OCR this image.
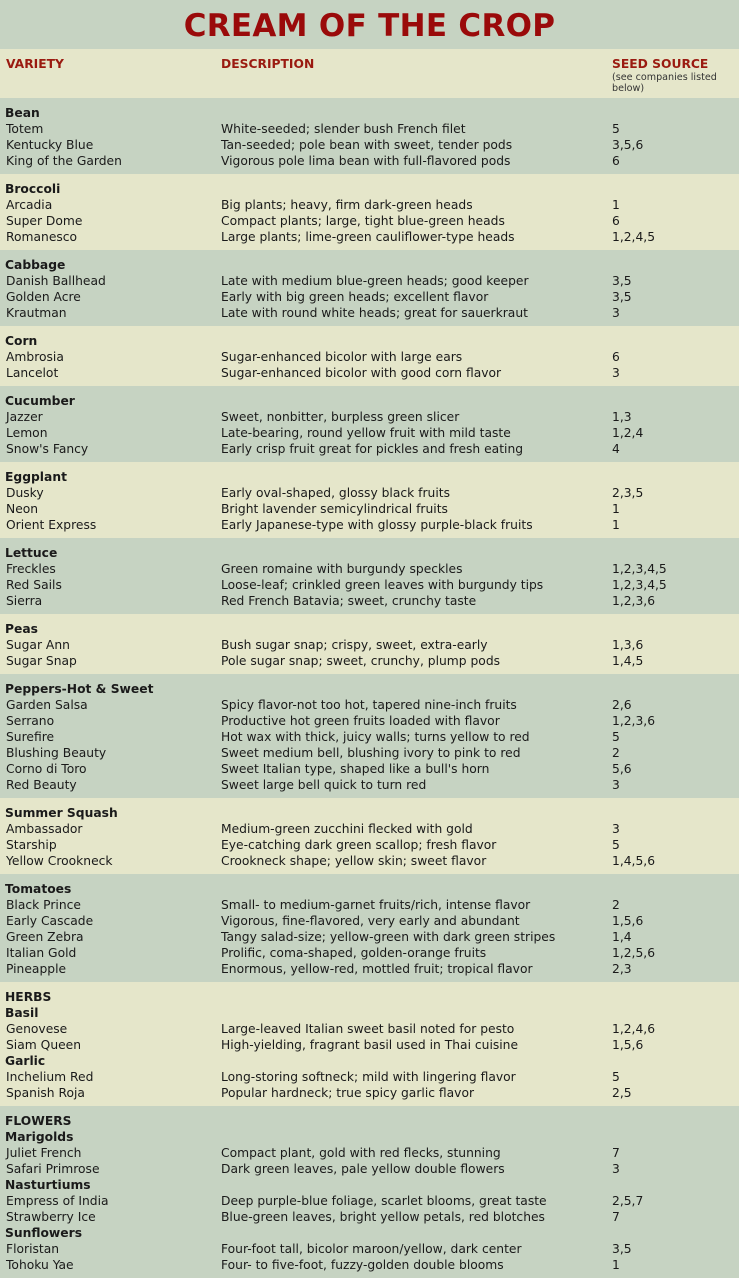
CREAM OF THE CROP
VARIETY	DESCRIPTION	SEED SOURCE
(see companies listed below)
Bean
Totem	White-seeded; slender bush French filet	5
Kentucky Blue	Tan-seeded; pole bean with sweet, tender pods	3,5,6
King of the Garden	Vigorous pole lima bean with full-flavored pods	6
Broccoli
Arcadia	Big plants; heavy, firm dark-green heads	1
Super Dome	Compact plants; large, tight blue-green heads	6
Romanesco	Large plants; lime-green cauliflower-type heads	1,2,4,5
Cabbage
Danish Ballhead	Late with medium blue-green heads; good keeper	3,5
Golden Acre	Early with big green heads; excellent flavor	3,5
Krautman	Late with round white heads; great for sauerkraut	3
Corn
Ambrosia	Sugar-enhanced bicolor with large ears	6
Lancelot	Sugar-enhanced bicolor with good corn flavor	3
Cucumber
Jazzer	Sweet, nonbitter, burpless green slicer	1,3
Lemon	Late-bearing, round yellow fruit with mild taste	1,2,4
Snow's Fancy	Early crisp fruit great for pickles and fresh eating	4
Eggplant
Dusky	Early oval-shaped, glossy black fruits	2,3,5
Neon	Bright lavender semicylindrical fruits	1
Orient Express	Early Japanese-type with glossy purple-black fruits	1
Lettuce
Freckles	Green romaine with burgundy speckles	1,2,3,4,5
Red Sails	Loose-leaf; crinkled green leaves with burgundy tips	1,2,3,4,5
Sierra	Red French Batavia; sweet, crunchy taste	1,2,3,6
Peas
Sugar Ann	Bush sugar snap; crispy, sweet, extra-early	1,3,6
Sugar Snap	Pole sugar snap; sweet, crunchy, plump pods	1,4,5
Peppers-Hot & Sweet
Garden Salsa	Spicy flavor-not too hot, tapered nine-inch fruits	2,6
Serrano	Productive hot green fruits loaded with flavor	1,2,3,6
Surefire	Hot wax with thick, juicy walls; turns yellow to red	5
Blushing Beauty	Sweet medium bell, blushing ivory to pink to red	2
Corno di Toro	Sweet Italian type, shaped like a bull's horn	5,6
Red Beauty	Sweet large bell quick to turn red	3
Summer Squash
Ambassador	Medium-green zucchini flecked with gold	3
Starship	Eye-catching dark green scallop; fresh flavor	5
Yellow Crookneck	Crookneck shape; yellow skin; sweet flavor	1,4,5,6
Tomatoes
Black Prince	Small- to medium-garnet fruits/rich, intense flavor	2
Early Cascade	Vigorous, fine-flavored, very early and abundant	1,5,6
Green Zebra	Tangy salad-size; yellow-green with dark green stripes	1,4
Italian Gold	Prolific, coma-shaped, golden-orange fruits	1,2,5,6
Pineapple	Enormous, yellow-red, mottled fruit; tropical flavor	2,3
HERBS
Basil
Genovese	Large-leaved Italian sweet basil noted for pesto	1,2,4,6
Siam Queen	High-yielding, fragrant basil used in Thai cuisine	1,5,6
Garlic
Inchelium Red	Long-storing softneck; mild with lingering flavor	5
Spanish Roja	Popular hardneck; true spicy garlic flavor	2,5
FLOWERS
Marigolds
Juliet French	Compact plant, gold with red flecks, stunning	7
Safari Primrose	Dark green leaves, pale yellow double flowers	3
Nasturtiums
Empress of India	Deep purple-blue foliage, scarlet blooms, great taste	2,5,7
Strawberry Ice	Blue-green leaves, bright yellow petals, red blotches	7
Sunflowers
Floristan	Four-foot tall, bicolor maroon/yellow, dark center	3,5
Tohoku Yae	Four- to five-foot, fuzzy-golden double blooms	1
